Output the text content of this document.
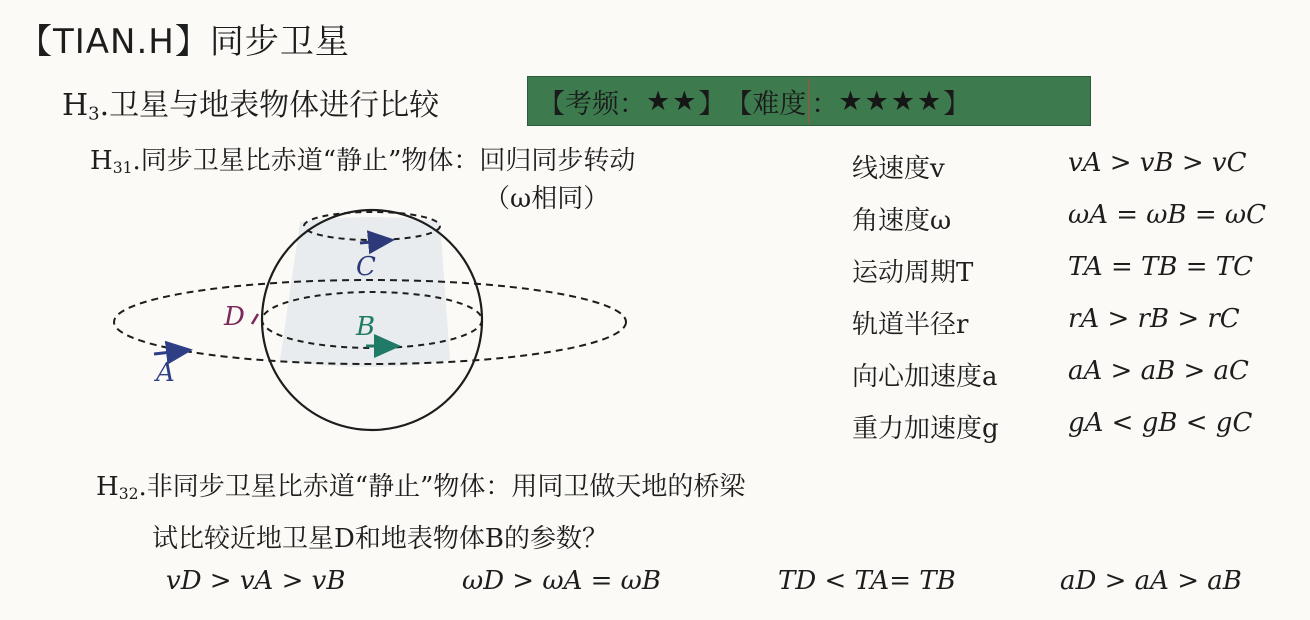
【TIAN.H】同步卫星
$H_3$.卫星与地表物体进行比较	【考频： ★★ 】 【难度 ： ★★★★ 】
$H_{31}$.同步卫星比赤道“静止”物体：回归同步转动
（ω相同）
A
B
C
D
线速度v	vA > vB > vC
角速度ω	ωA = ωB = ωC
运动周期T	TA = TB = TC
轨道半径r	rA > rB > rC
向心加速度a	aA > aB > aC
重力加速度g	gA < gB < gC
$H_{32}$.非同步卫星比赤道“静止”物体：用同卫做天地的桥梁
试比较近地卫星D和地表物体B的参数？
vD > vA > vB	ωD > ωA = ωB	TD < TA= TB	aD > aA > aB
